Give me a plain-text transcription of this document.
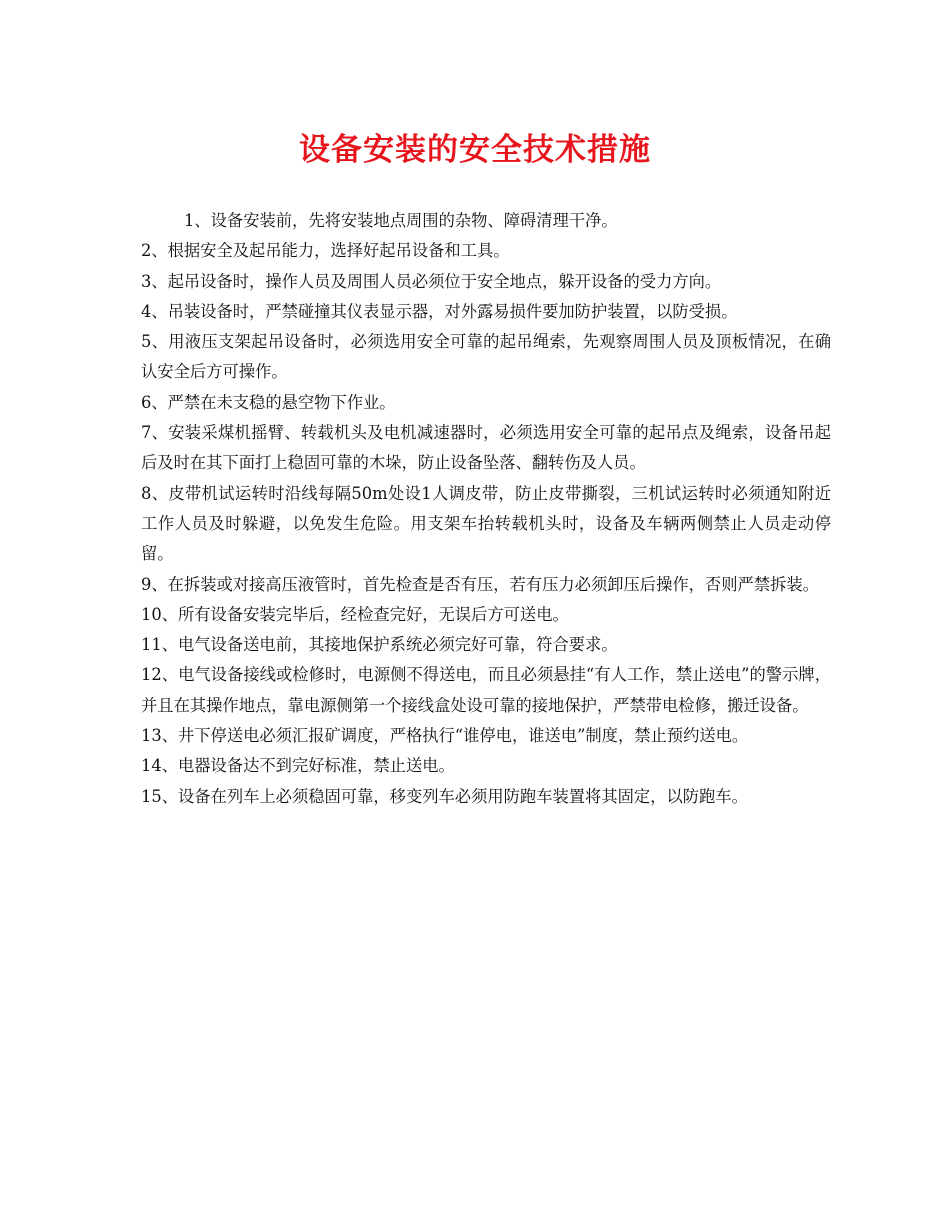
设备安装的安全技术措施

1、设备安装前，先将安装地点周围的杂物、障碍清理干净。

2、根据安全及起吊能力，选择好起吊设备和工具。

3、起吊设备时，操作人员及周围人员必须位于安全地点，躲开设备的受力方向。

4、吊装设备时，严禁碰撞其仪表显示器，对外露易损件要加防护装置，以防受损。

5、用液压支架起吊设备时，必须选用安全可靠的起吊绳索，先观察周围人员及顶板情况，在确认安全后方可操作。

6、严禁在未支稳的悬空物下作业。

7、安装采煤机摇臂、转载机头及电机减速器时，必须选用安全可靠的起吊点及绳索，设备吊起后及时在其下面打上稳固可靠的木垛，防止设备坠落、翻转伤及人员。

8、皮带机试运转时沿线每隔50m处设1人调皮带，防止皮带撕裂，三机试运转时必须通知附近工作人员及时躲避，以免发生危险。用支架车抬转载机头时，设备及车辆两侧禁止人员走动停留。

9、在拆装或对接高压液管时，首先检查是否有压，若有压力必须卸压后操作，否则严禁拆装。

10、所有设备安装完毕后，经检查完好，无误后方可送电。

11、电气设备送电前，其接地保护系统必须完好可靠，符合要求。

12、电气设备接线或检修时，电源侧不得送电，而且必须悬挂“有人工作，禁止送电”的警示牌，并且在其操作地点，靠电源侧第一个接线盒处设可靠的接地保护，严禁带电检修，搬迁设备。

13、井下停送电必须汇报矿调度，严格执行“谁停电，谁送电”制度，禁止预约送电。

14、电器设备达不到完好标准，禁止送电。

15、设备在列车上必须稳固可靠，移变列车必须用防跑车装置将其固定，以防跑车。
